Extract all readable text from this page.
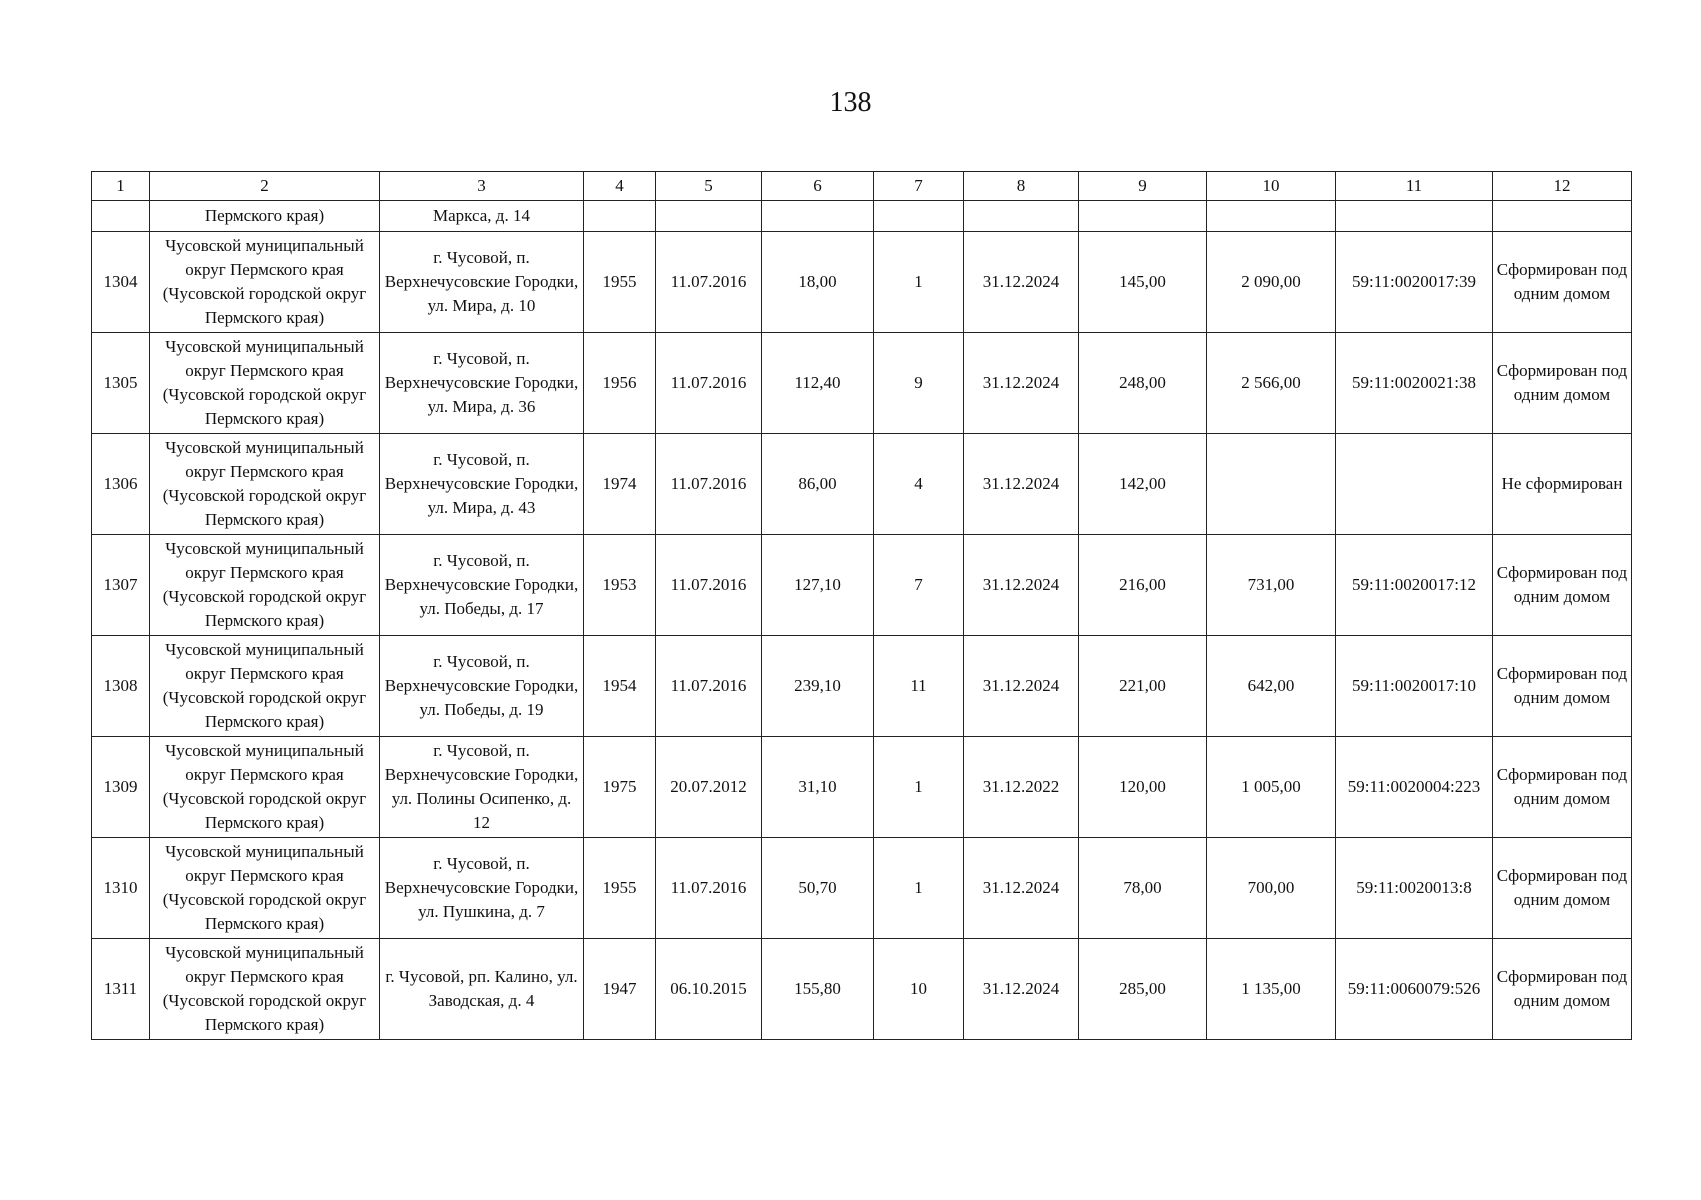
138
1	2	3	4	5	6	7	8	9	10	11	12
	Пермского края)	Маркса, д. 14									
1304	Чусовской муниципальный округ Пермского края (Чусовской городской округ Пермского края)	г. Чусовой, п. Верхнечусовские Городки, ул. Мира, д. 10	1955	11.07.2016	18,00	1	31.12.2024	145,00	2 090,00	59:11:0020017:39	Сформирован под одним домом
1305	Чусовской муниципальный округ Пермского края (Чусовской городской округ Пермского края)	г. Чусовой, п. Верхнечусовские Городки, ул. Мира, д. 36	1956	11.07.2016	112,40	9	31.12.2024	248,00	2 566,00	59:11:0020021:38	Сформирован под одним домом
1306	Чусовской муниципальный округ Пермского края (Чусовской городской округ Пермского края)	г. Чусовой, п. Верхнечусовские Городки, ул. Мира, д. 43	1974	11.07.2016	86,00	4	31.12.2024	142,00			Не сформирован
1307	Чусовской муниципальный округ Пермского края (Чусовской городской округ Пермского края)	г. Чусовой, п. Верхнечусовские Городки, ул. Победы, д. 17	1953	11.07.2016	127,10	7	31.12.2024	216,00	731,00	59:11:0020017:12	Сформирован под одним домом
1308	Чусовской муниципальный округ Пермского края (Чусовской городской округ Пермского края)	г. Чусовой, п. Верхнечусовские Городки, ул. Победы, д. 19	1954	11.07.2016	239,10	11	31.12.2024	221,00	642,00	59:11:0020017:10	Сформирован под одним домом
1309	Чусовской муниципальный округ Пермского края (Чусовской городской округ Пермского края)	г. Чусовой, п. Верхнечусовские Городки, ул. Полины Осипенко, д. 12	1975	20.07.2012	31,10	1	31.12.2022	120,00	1 005,00	59:11:0020004:223	Сформирован под одним домом
1310	Чусовской муниципальный округ Пермского края (Чусовской городской округ Пермского края)	г. Чусовой, п. Верхнечусовские Городки, ул. Пушкина, д. 7	1955	11.07.2016	50,70	1	31.12.2024	78,00	700,00	59:11:0020013:8	Сформирован под одним домом
1311	Чусовской муниципальный округ Пермского края (Чусовской городской округ Пермского края)	г. Чусовой, рп. Калино, ул. Заводская, д. 4	1947	06.10.2015	155,80	10	31.12.2024	285,00	1 135,00	59:11:0060079:526	Сформирован под одним домом
